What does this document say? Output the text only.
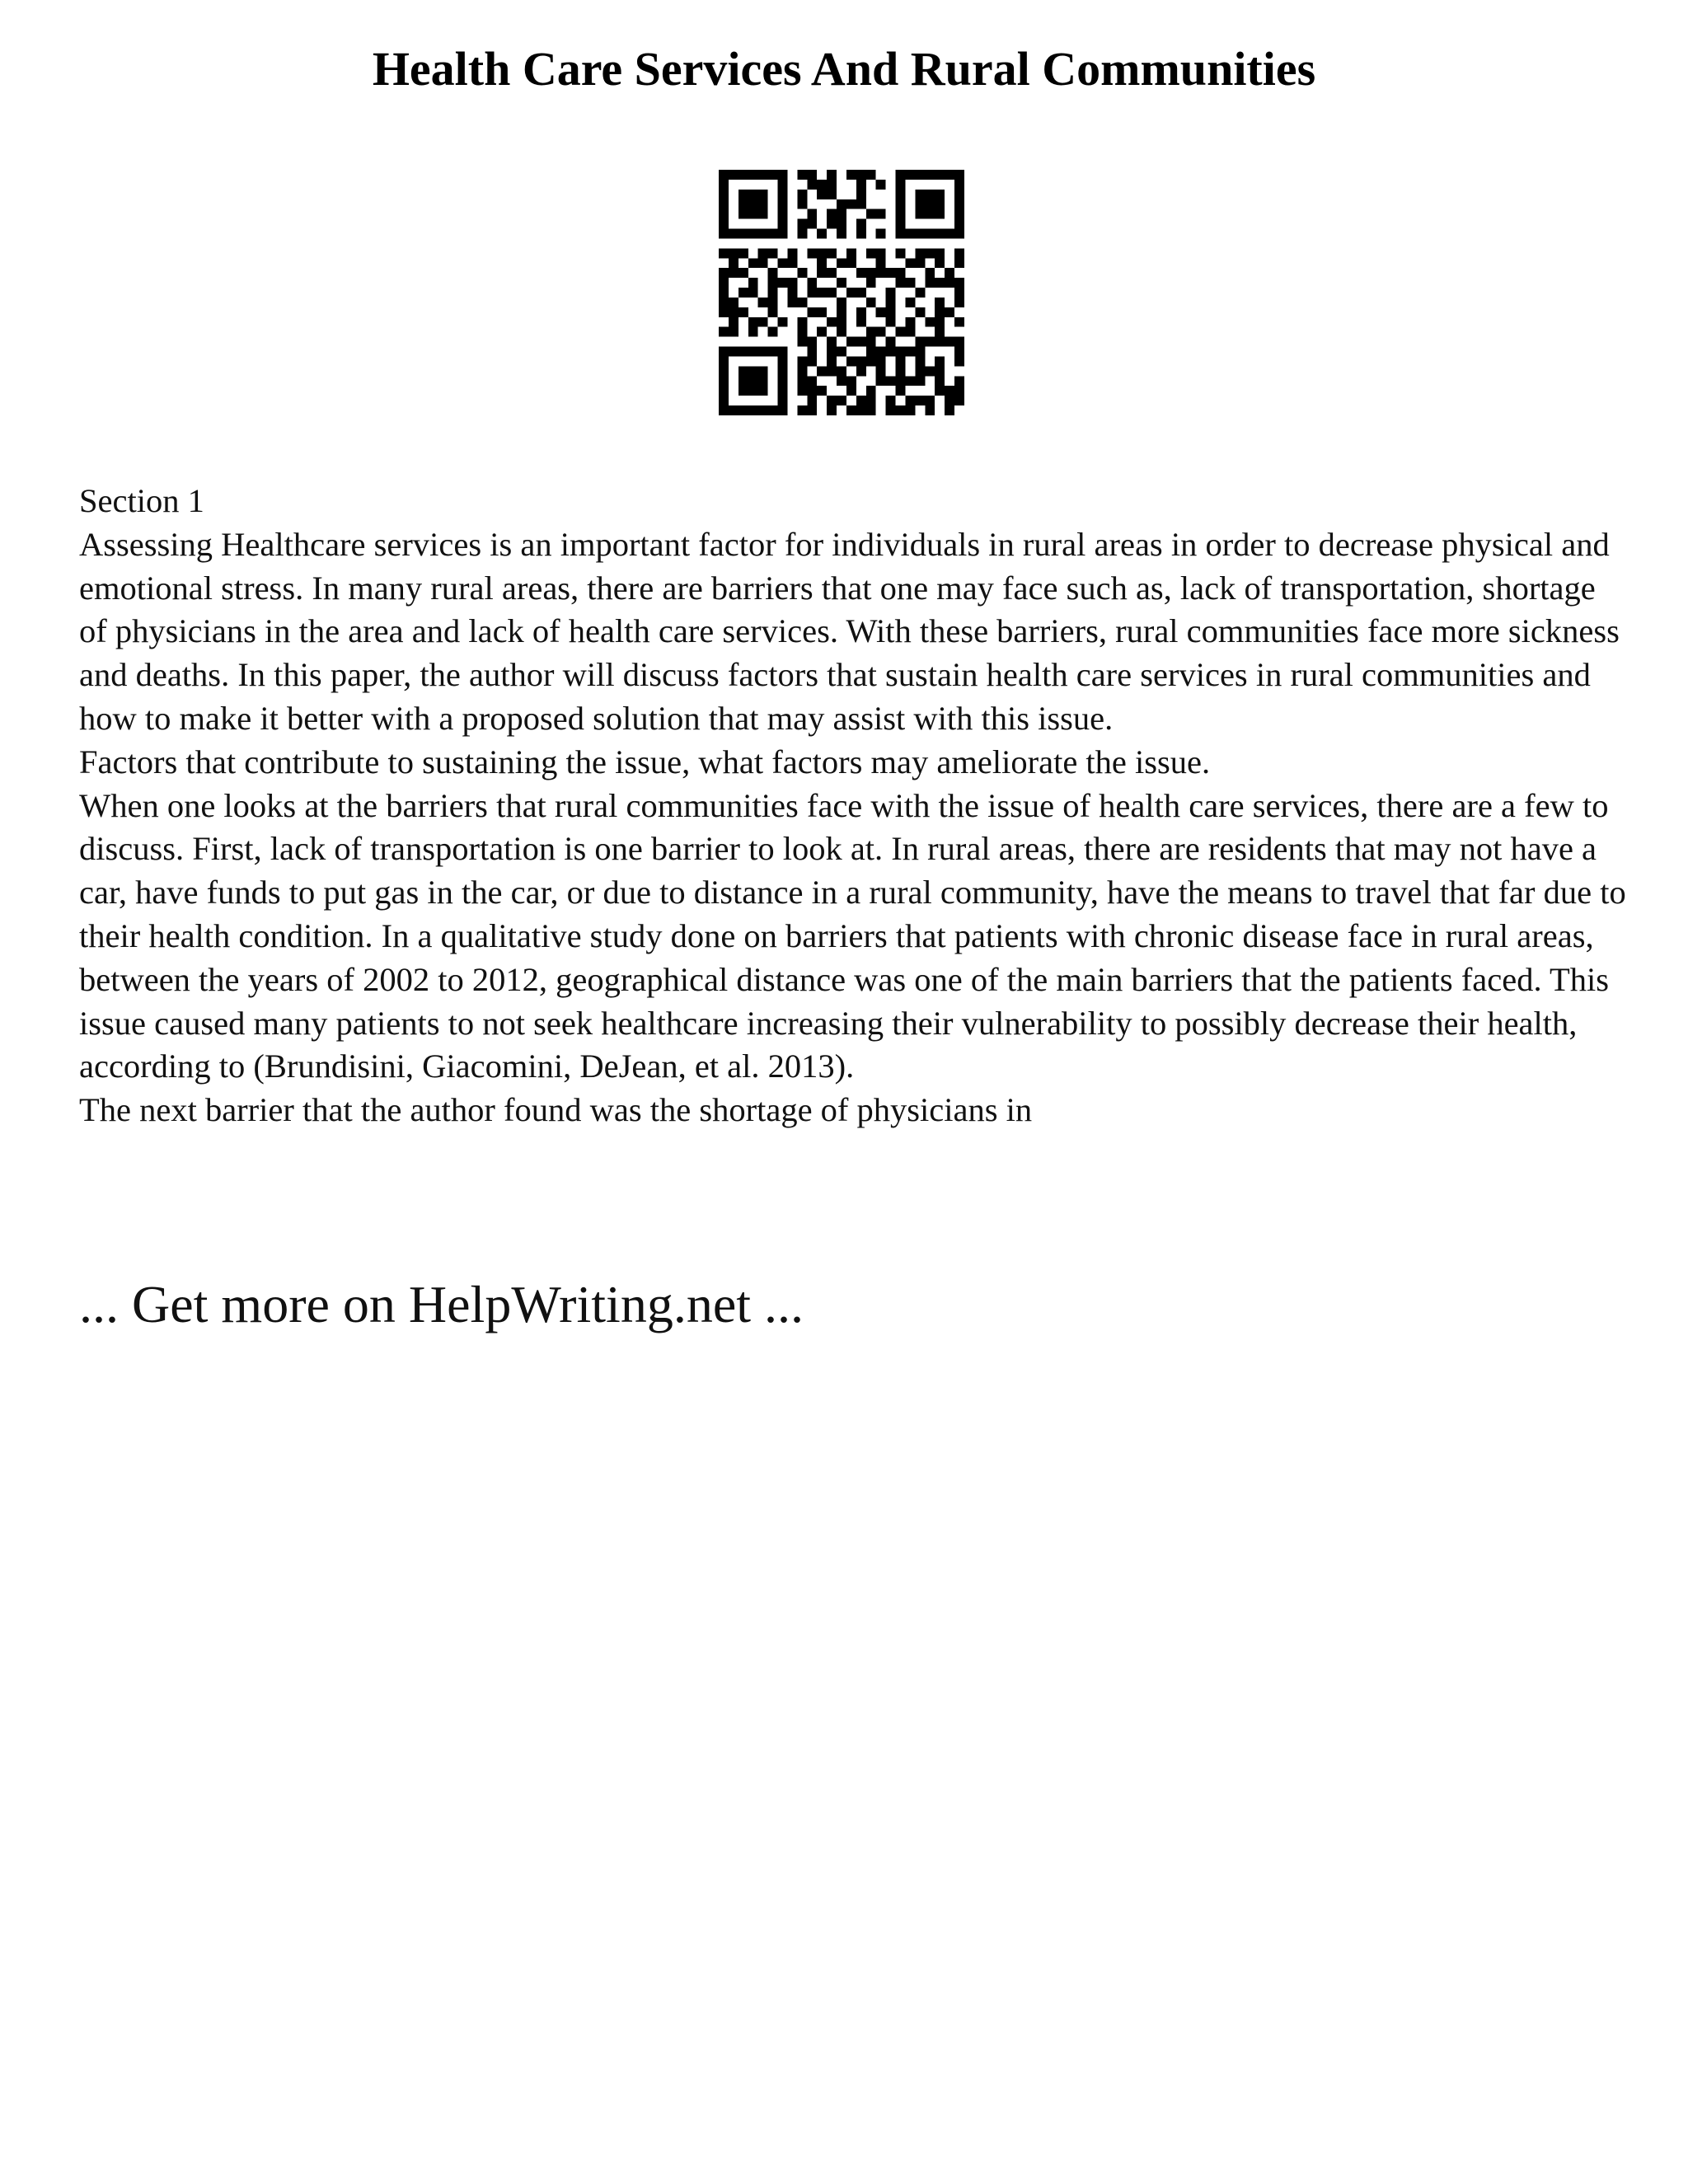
Health Care Services And Rural Communities

Section 1

Assessing Healthcare services is an important factor for individuals in rural areas in order to decrease physical and emotional stress. In many rural areas, there are barriers that one may face such as, lack of transportation, shortage of physicians in the area and lack of health care services. With these barriers, rural communities face more sickness and deaths. In this paper, the author will discuss factors that sustain health care services in rural communities and how to make it better with a proposed solution that may assist with this issue.

Factors that contribute to sustaining the issue, what factors may ameliorate the issue.

When one looks at the barriers that rural communities face with the issue of health care services, there are a few to discuss. First, lack of transportation is one barrier to look at. In rural areas, there are residents that may not have a car, have funds to put gas in the car, or due to distance in a rural community, have the means to travel that far due to their health condition. In a qualitative study done on barriers that patients with chronic disease face in rural areas, between the years of 2002 to 2012, geographical distance was one of the main barriers that the patients faced. This issue caused many patients to not seek healthcare increasing their vulnerability to possibly decrease their health, according to (Brundisini, Giacomini, DeJean, et al. 2013).

The next barrier that the author found was the shortage of physicians in

... Get more on HelpWriting.net ...
